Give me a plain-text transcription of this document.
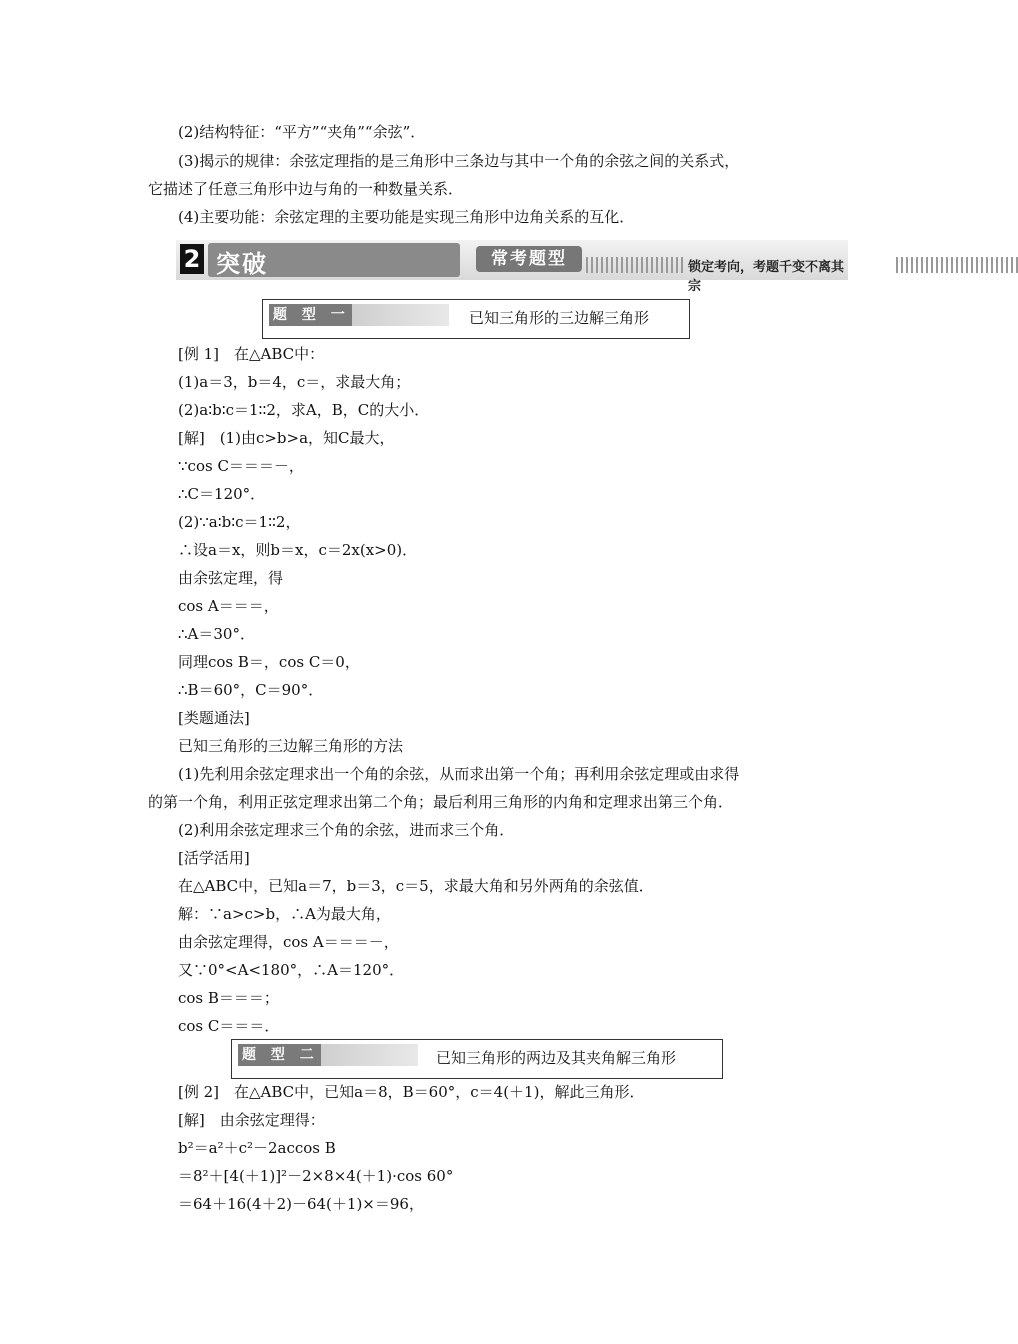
(2)结构特征：“平方”“夹角”“余弦”．
(3)揭示的规律：余弦定理指的是三角形中三条边与其中一个角的余弦之间的关系式，
它描述了任意三角形中边与角的一种数量关系．
(4)主要功能：余弦定理的主要功能是实现三角形中边角关系的互化．
2 突破	常考题型	锁定考向，考题千变不离其宗
题 型 一	已知三角形的三边解三角形
[例 1]　在△ABC中：
(1)a＝3，b＝4，c＝，求最大角；
(2)a∶b∶c＝1∶∶2，求A，B，C的大小．
[解]　(1)由c>b>a，知C最大，
∵cos C＝＝＝－，
∴C＝120°．
(2)∵a∶b∶c＝1∶∶2，
∴设a＝x，则b＝x，c＝2x(x>0)．
由余弦定理，得
cos A＝＝＝，
∴A＝30°．
同理cos B＝，cos C＝0，
∴B＝60°，C＝90°．
[类题通法]
已知三角形的三边解三角形的方法
(1)先利用余弦定理求出一个角的余弦，从而求出第一个角；再利用余弦定理或由求得
的第一个角，利用正弦定理求出第二个角；最后利用三角形的内角和定理求出第三个角．
(2)利用余弦定理求三个角的余弦，进而求三个角．
[活学活用]
在△ABC中，已知a＝7，b＝3，c＝5，求最大角和另外两角的余弦值．
解：∵a>c>b，∴A为最大角，
由余弦定理得，cos A＝＝＝－，
又∵0°<A<180°，∴A＝120°．
cos B＝＝＝；
cos C＝＝＝．
题 型 二	已知三角形的两边及其夹角解三角形
[例 2]　在△ABC中，已知a＝8，B＝60°，c＝4(＋1)，解此三角形．
[解]　由余弦定理得：
b²＝a²＋c²－2accos B
＝8²＋[4(＋1)]²－2×8×4(＋1)·cos 60°
＝64＋16(4＋2)－64(＋1)×＝96，
